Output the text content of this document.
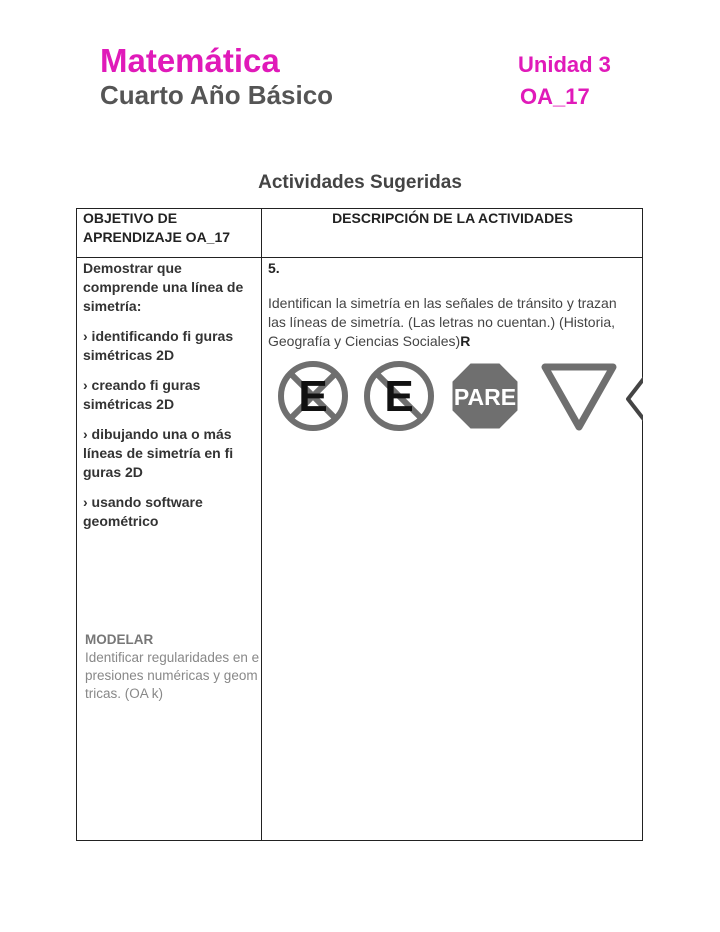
Matemática
Cuarto Año Básico
Unidad 3
OA_17
Actividades Sugeridas
OBJETIVO DE APRENDIZAJE OA_17
DESCRIPCIÓN DE LA ACTIVIDADES

Demostrar que comprende una línea de simetría:

› identificando fi guras simétricas 2D

› creando fi guras simétricas 2D

› dibujando una o más líneas de simetría en fi guras 2D

› usando software geométrico

MODELAR
Identificar regularidades en e
presiones numéricas y geom
tricas. (OA k)

5.

Identifican la simetría en las señales de tránsito y trazan las líneas de simetría. (Las letras no cuentan.) (Historia, Geografía y Ciencias Sociales)R

E E PARE
